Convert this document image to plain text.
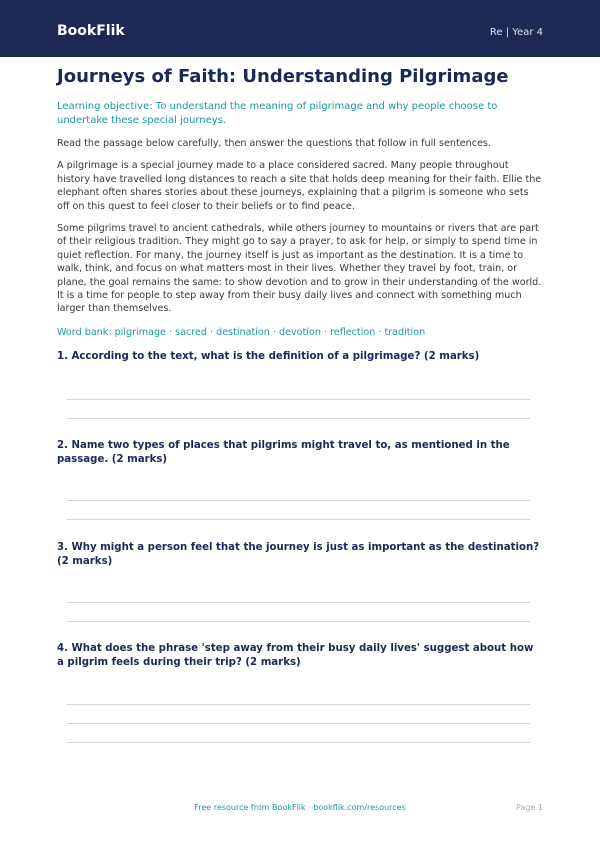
BookFlik	Re | Year 4
Journeys of Faith: Understanding Pilgrimage
Learning objective: To understand the meaning of pilgrimage and why people choose to undertake these special journeys.

Read the passage below carefully, then answer the questions that follow in full sentences.

A pilgrimage is a special journey made to a place considered sacred. Many people throughout history have travelled long distances to reach a site that holds deep meaning for their faith. Ellie the elephant often shares stories about these journeys, explaining that a pilgrim is someone who sets off on this quest to feel closer to their beliefs or to find peace.

Some pilgrims travel to ancient cathedrals, while others journey to mountains or rivers that are part of their religious tradition. They might go to say a prayer, to ask for help, or simply to spend time in quiet reflection. For many, the journey itself is just as important as the destination. It is a time to walk, think, and focus on what matters most in their lives. Whether they travel by foot, train, or plane, the goal remains the same: to show devotion and to grow in their understanding of the world. It is a time for people to step away from their busy daily lives and connect with something much larger than themselves.

Word bank: pilgrimage · sacred · destination · devotion · reflection · tradition
1. According to the text, what is the definition of a pilgrimage? (2 marks)
2. Name two types of places that pilgrims might travel to, as mentioned in the passage. (2 marks)
3. Why might a person feel that the journey is just as important as the destination? (2 marks)
4. What does the phrase 'step away from their busy daily lives' suggest about how a pilgrim feels during their trip? (2 marks)
Free resource from BookFlik · bookflik.com/resources	Page 1
